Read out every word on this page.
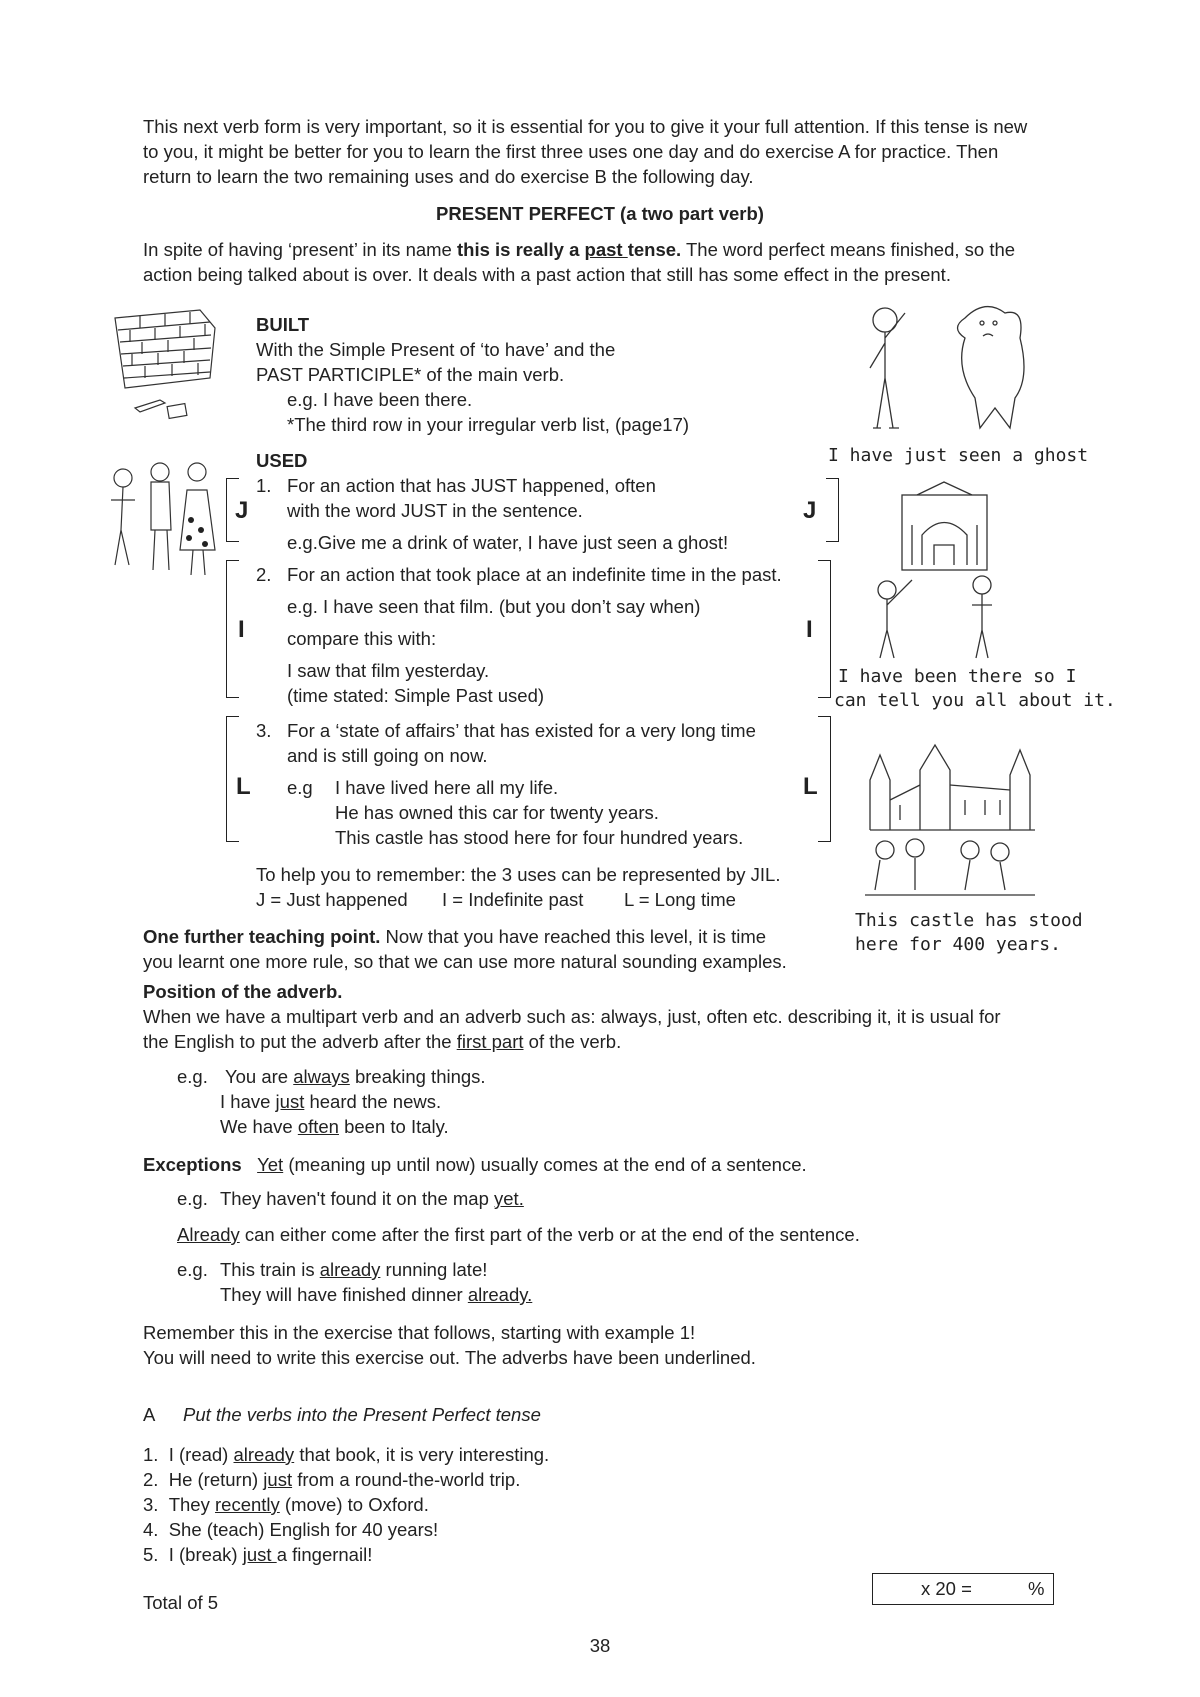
This next verb form is very important, so it is essential for you to give it your full attention. If this tense is new
to you, it might be better for you to learn the first three uses one day and do exercise A for practice. Then
return to learn the two remaining uses and do exercise B the following day.
PRESENT PERFECT (a two part verb)
In spite of having ‘present’ in its name this is really a past tense. The word perfect means finished, so the
action being talked about is over. It deals with a past action that still has some effect in the present.
I have just seen a ghost
I have been there so I
can tell you all about it.
This castle has stood
here for 400 years.
BUILT
With the Simple Present of ‘to have’ and the
PAST PARTICIPLE* of the main verb.
e.g. I have been there.
*The third row in your irregular verb list, (page17)
USED
J	J
1. For an action that has JUST happened, often
with the word JUST in the sentence.
e.g.Give me a drink of water, I have just seen a ghost!
I	I
2. For an action that took place at an indefinite time in the past.
e.g. I have seen that film. (but you don’t say when)
compare this with:
I saw that film yesterday.
(time stated: Simple Past used)
L	L
3. For a ‘state of affairs’ that has existed for a very long time
and is still going on now.
e.g I have lived here all my life.
He has owned this car for twenty years.
This castle has stood here for four hundred years.
To help you to remember: the 3 uses can be represented by JIL.
J = Just happened I = Indefinite past L = Long time
One further teaching point. Now that you have reached this level, it is time
you learnt one more rule, so that we can use more natural sounding examples.
Position of the adverb.
When we have a multipart verb and an adverb such as: always, just, often etc. describing it, it is usual for
the English to put the adverb after the first part of the verb.
e.g. You are always breaking things.
I have just heard the news.
We have often been to Italy.
Exceptions Yet (meaning up until now) usually comes at the end of a sentence.
e.g. They haven't found it on the map yet.
Already can either come after the first part of the verb or at the end of the sentence.
e.g. This train is already running late!
They will have finished dinner already.
Remember this in the exercise that follows, starting with example 1!
You will need to write this exercise out. The adverbs have been underlined.
A Put the verbs into the Present Perfect tense
1. I (read) already that book, it is very interesting.
2. He (return) just from a round-the-world trip.
3. They recently (move) to Oxford.
4. She (teach) English for 40 years!
5. I (break) just a fingernail!
Total of 5
x 20 =	%
38
